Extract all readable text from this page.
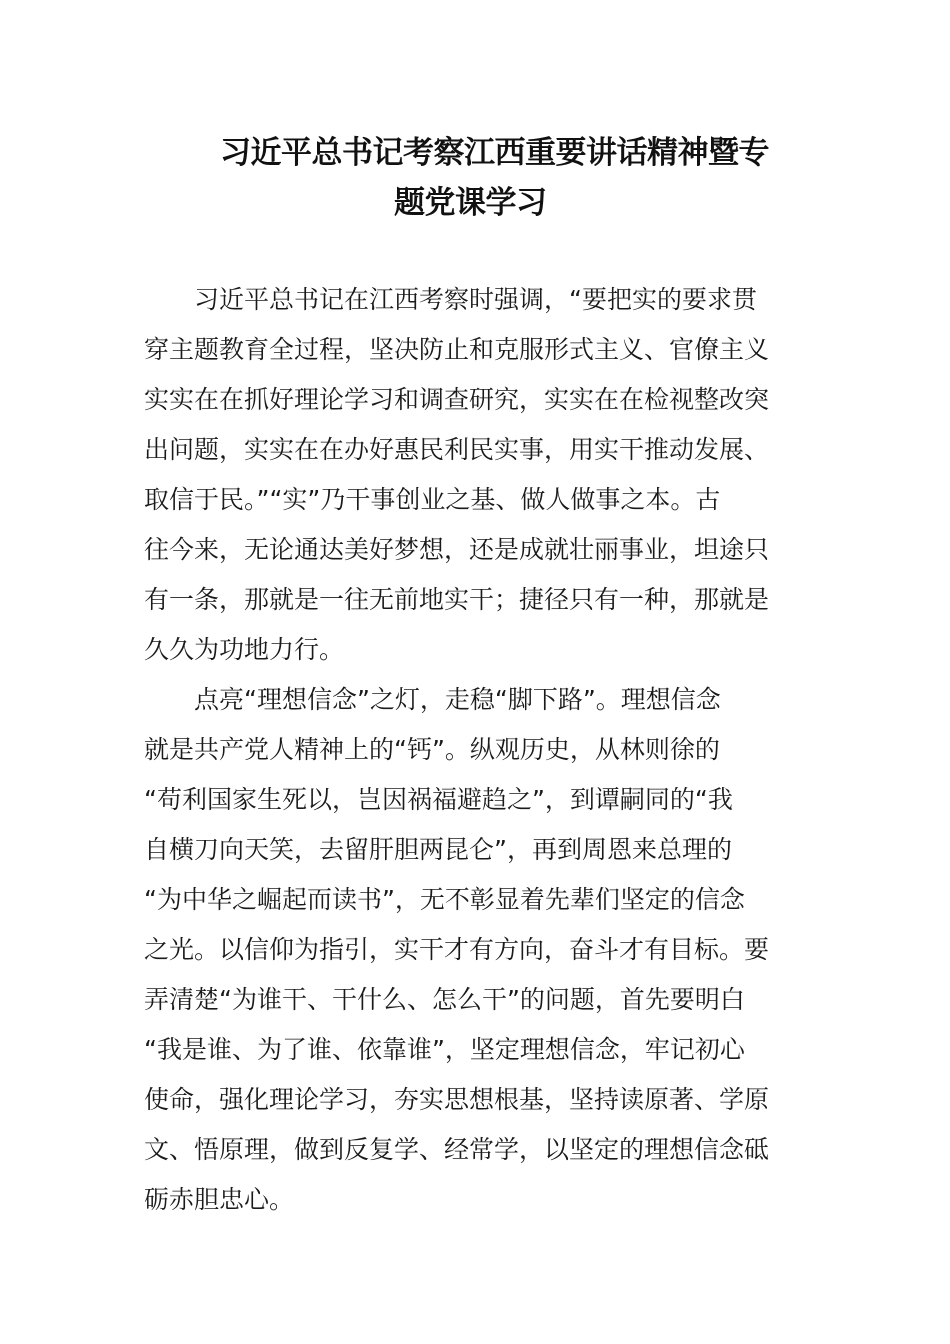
习近平总书记考察江西重要讲话精神暨专
题党课学习

习近平总书记在江西考察时强调，“要把实的要求贯
穿主题教育全过程，坚决防止和克服形式主义、官僚主义
实实在在抓好理论学习和调查研究，实实在在检视整改突
出问题，实实在在办好惠民利民实事，用实干推动发展、
取信于民。”“实”乃干事创业之基、做人做事之本。古
往今来，无论通达美好梦想，还是成就壮丽事业，坦途只
有一条，那就是一往无前地实干；捷径只有一种，那就是
久久为功地力行。

点亮“理想信念”之灯，走稳“脚下路”。理想信念
就是共产党人精神上的“钙”。纵观历史，从林则徐的
“苟利国家生死以，岂因祸福避趋之”，到谭嗣同的“我
自横刀向天笑，去留肝胆两昆仑”，再到周恩来总理的
“为中华之崛起而读书”，无不彰显着先辈们坚定的信念
之光。以信仰为指引，实干才有方向，奋斗才有目标。要
弄清楚“为谁干、干什么、怎么干”的问题，首先要明白
“我是谁、为了谁、依靠谁”，坚定理想信念，牢记初心
使命，强化理论学习，夯实思想根基，坚持读原著、学原
文、悟原理，做到反复学、经常学，以坚定的理想信念砥
砺赤胆忠心。
